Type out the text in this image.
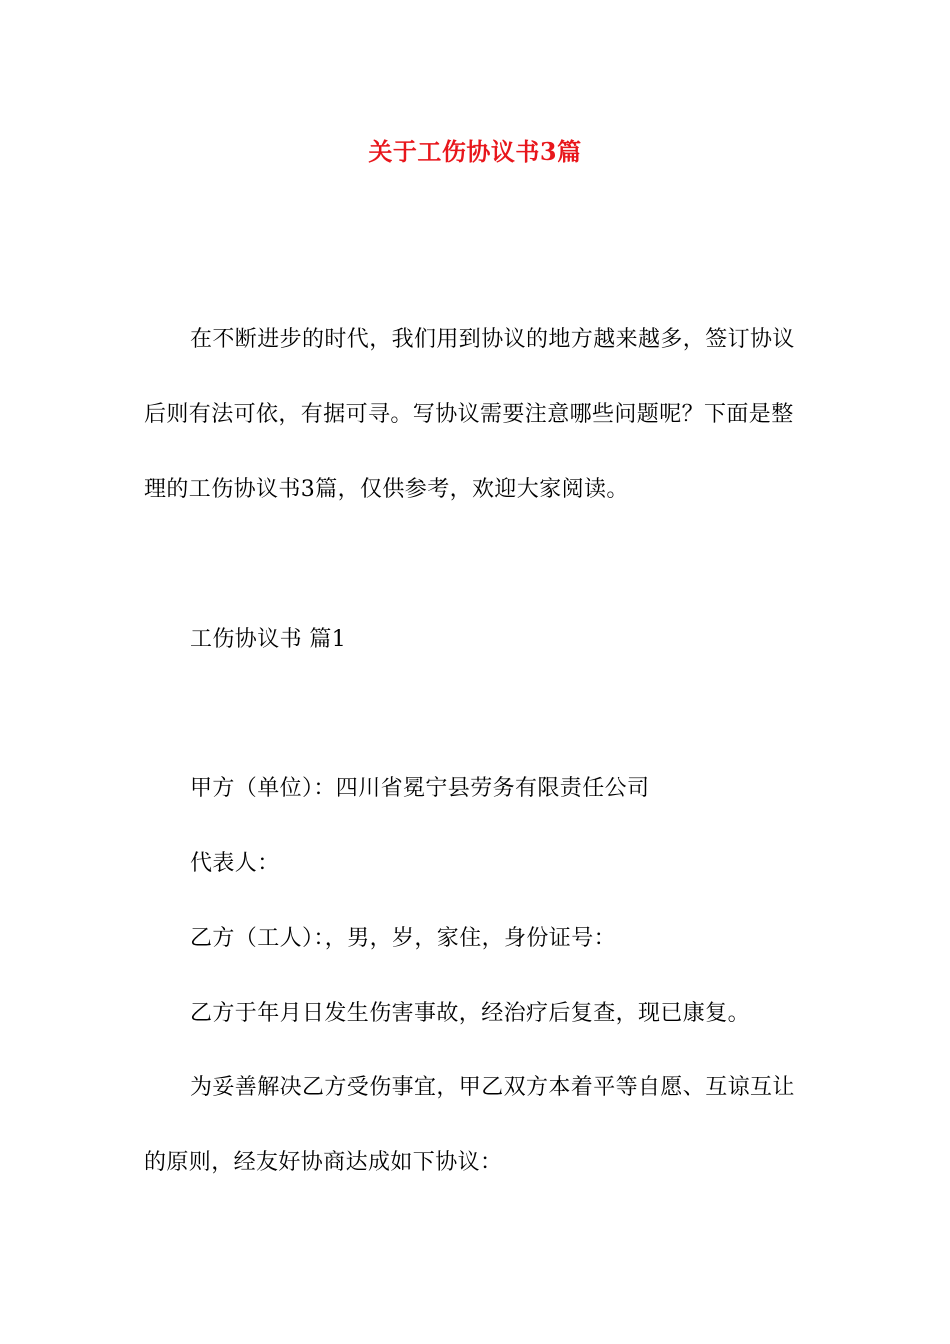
关于工伤协议书3篇
在不断进步的时代，我们用到协议的地方越来越多，签订协议
后则有法可依，有据可寻。写协议需要注意哪些问题呢？下面是整
理的工伤协议书3篇，仅供参考，欢迎大家阅读。
工伤协议书 篇1
甲方（单位）：四川省冕宁县劳务有限责任公司
代表人：
乙方（工人）：，男，岁，家住，身份证号：
乙方于年月日发生伤害事故，经治疗后复查，现已康复。
为妥善解决乙方受伤事宜，甲乙双方本着平等自愿、互谅互让
的原则，经友好协商达成如下协议：
